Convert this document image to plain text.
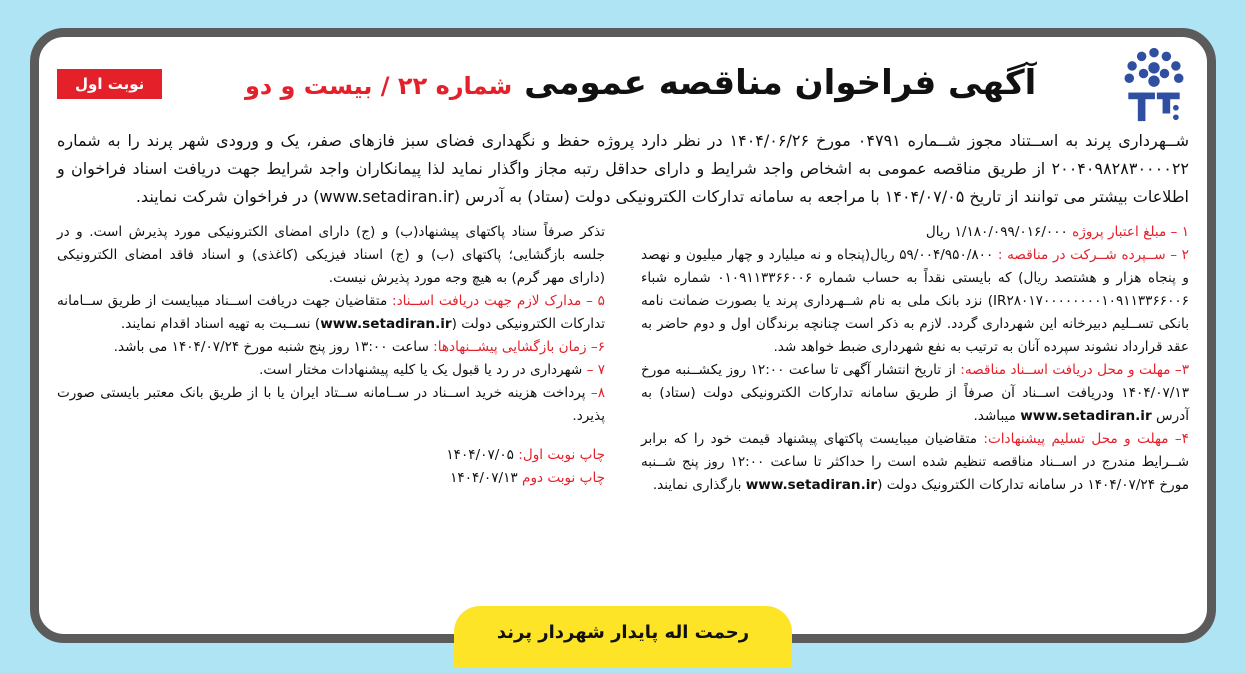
آگهی فراخوان مناقصه عمومی شماره ۲۲ / بیست و دو
نوبت اول
شــهرداری پرند به اســتناد مجوز شــماره ۰۴۷۹۱ مورخ ۱۴۰۴/۰۶/۲۶ در نظر دارد پروژه حفظ و نگهداری فضای سبز فازهای صفر، یک و ورودی شهر پرند را به شماره ۲۰۰۴۰۹۸۲۸۳۰۰۰۰۲۲ از طریق مناقصه عمومی به اشخاص واجد شرایط و دارای حداقل رتبه مجاز واگذار نماید لذا پیمانکاران واجد شرایط جهت دریافت اسناد فراخوان و اطلاعات بیشتر می توانند از تاریخ ۱۴۰۴/۰۷/۰۵ با مراجعه به سامانه تدارکات الکترونیکی دولت (ستاد) به آدرس (www.setadiran.ir) در فراخوان شرکت نمایند.

۱ – مبلغ اعتبار پروژه ۱/۱۸۰/۰۹۹/۰۱۶/۰۰۰ ریال

۲ – ســپرده شــرکت در مناقصه : ۵۹/۰۰۴/۹۵۰/۸۰۰ ریال(پنجاه و نه میلیارد و چهار میلیون و نهصد و پنجاه هزار و هشتصد ریال) که بایستی نقداً به حساب شماره ۰۱۰۹۱۱۳۳۶۶۰۰۶ شماره شباء IR۲۸۰۱۷۰۰۰۰۰۰۰۰۱۰۹۱۱۳۳۶۶۰۰۶) نزد بانک ملی به نام شــهرداری پرند یا بصورت ضمانت نامه بانکی تســلیم دبیرخانه این شهرداری گردد. لازم به ذکر است چنانچه برندگان اول و دوم حاضر به عقد قرارداد نشوند سپرده آنان به ترتیب به نفع شهرداری ضبط خواهد شد.

۳– مهلت و محل دریافت اســناد مناقصه: از تاریخ انتشار آگهی تا ساعت ۱۲:۰۰ روز یکشــنبه مورخ ۱۴۰۴/۰۷/۱۳ ودریافت اســناد آن صرفاً از طریق سامانه تدارکات الکترونیکی دولت (ستاد) به آدرس www.setadiran.ir میباشد.

۴– مهلت و محل تسلیم پیشنهادات: متقاضیان میبایست پاکتهای پیشنهاد قیمت خود را که برابر شــرایط مندرج در اســناد مناقصه تنظیم شده است را حداکثر تا ساعت ۱۲:۰۰ روز پنج شــنبه مورخ ۱۴۰۴/۰۷/۲۴ در سامانه تدارکات الکترونیک دولت (www.setadiran.ir بارگذاری نمایند.

تذکر صرفاً سناد پاکتهای پیشنهاد(ب) و (ج) دارای امضای الکترونیکی مورد پذیرش است. و در جلسه بازگشایی؛ پاکتهای (ب) و (ج) اسناد فیزیکی (کاغذی) و اسناد فاقد امضای الکترونیکی (دارای مهر گرم) به هیچ وجه مورد پذیرش نیست.

۵ – مدارک لازم جهت دریافت اســناد: متقاضیان جهت دریافت اســناد میبایست از طریق ســامانه تدارکات الکترونیکی دولت (www.setadiran.ir) نســبت به تهیه اسناد اقدام نمایند.

۶– زمان بازگشایی پیشــنهادها: ساعت ۱۳:۰۰ روز پنج شنبه مورخ ۱۴۰۴/۰۷/۲۴ می باشد.

۷ – شهرداری در رد یا قبول یک یا کلیه پیشنهادات مختار است.

۸– پرداخت هزینه خرید اســناد در ســامانه ســتاد ایران یا با از طریق بانک معتبر بایستی صورت پذیرد.

چاپ نوبت اول: ۱۴۰۴/۰۷/۰۵

چاپ نوبت دوم ۱۴۰۴/۰۷/۱۳

رحمت اله پایدار شهردار پرند
